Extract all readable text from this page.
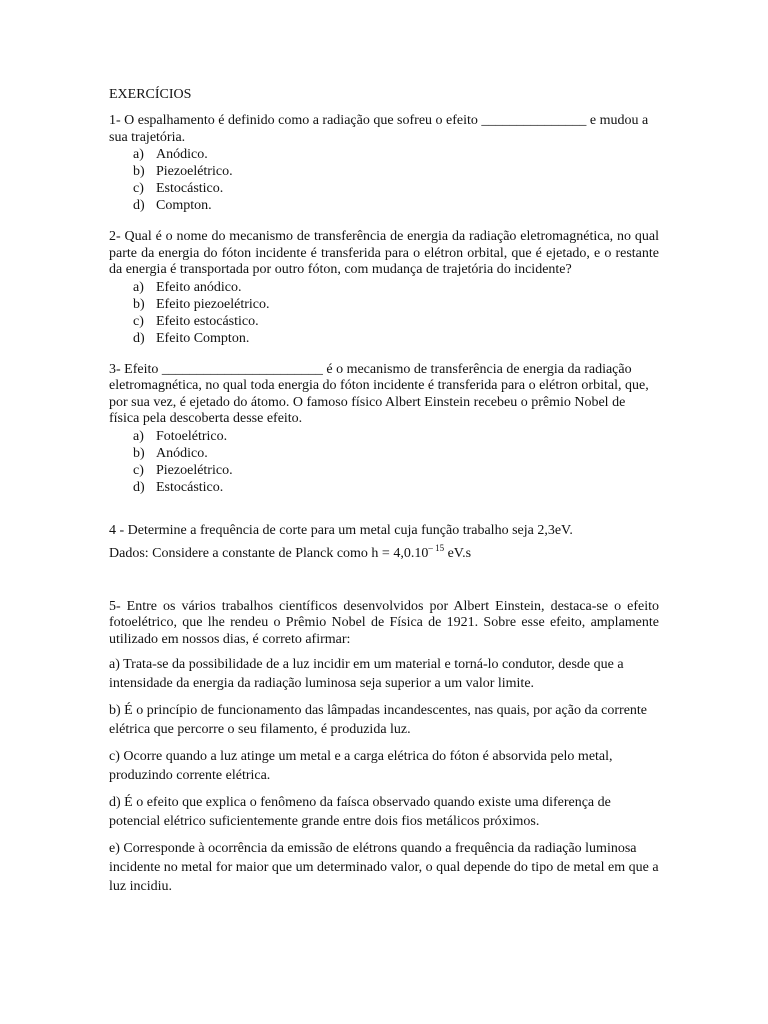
EXERCÍCIOS

1- O espalhamento é definido como a radiação que sofreu o efeito _______________ e mudou a sua trajetória.

a) Anódico.
b) Piezoelétrico.
c) Estocástico.
d) Compton.

2- Qual é o nome do mecanismo de transferência de energia da radiação eletromagnética, no qual parte da energia do fóton incidente é transferida para o elétron orbital, que é ejetado, e o restante da energia é transportada por outro fóton, com mudança de trajetória do incidente?

a) Efeito anódico.
b) Efeito piezoelétrico.
c) Efeito estocástico.
d) Efeito Compton.

3- Efeito _______________________ é o mecanismo de transferência de energia da radiação eletromagnética, no qual toda energia do fóton incidente é transferida para o elétron orbital, que, por sua vez, é ejetado do átomo. O famoso físico Albert Einstein recebeu o prêmio Nobel de física pela descoberta desse efeito.

a) Fotoelétrico.
b) Anódico.
c) Piezoelétrico.
d) Estocástico.

4 - Determine a frequência de corte para um metal cuja função trabalho seja 2,3eV.

Dados: Considere a constante de Planck como $h = 4,0.10^{- 15}$ eV.s

5- Entre os vários trabalhos científicos desenvolvidos por Albert Einstein, destaca-se o efeito fotoelétrico, que lhe rendeu o Prêmio Nobel de Física de 1921. Sobre esse efeito, amplamente utilizado em nossos dias, é correto afirmar:

a) Trata-se da possibilidade de a luz incidir em um material e torná-lo condutor, desde que a intensidade da energia da radiação luminosa seja superior a um valor limite.

b) É o princípio de funcionamento das lâmpadas incandescentes, nas quais, por ação da corrente elétrica que percorre o seu filamento, é produzida luz.

c) Ocorre quando a luz atinge um metal e a carga elétrica do fóton é absorvida pelo metal, produzindo corrente elétrica.

d) É o efeito que explica o fenômeno da faísca observado quando existe uma diferença de potencial elétrico suficientemente grande entre dois fios metálicos próximos.

e) Corresponde à ocorrência da emissão de elétrons quando a frequência da radiação luminosa incidente no metal for maior que um determinado valor, o qual depende do tipo de metal em que a luz incidiu.
